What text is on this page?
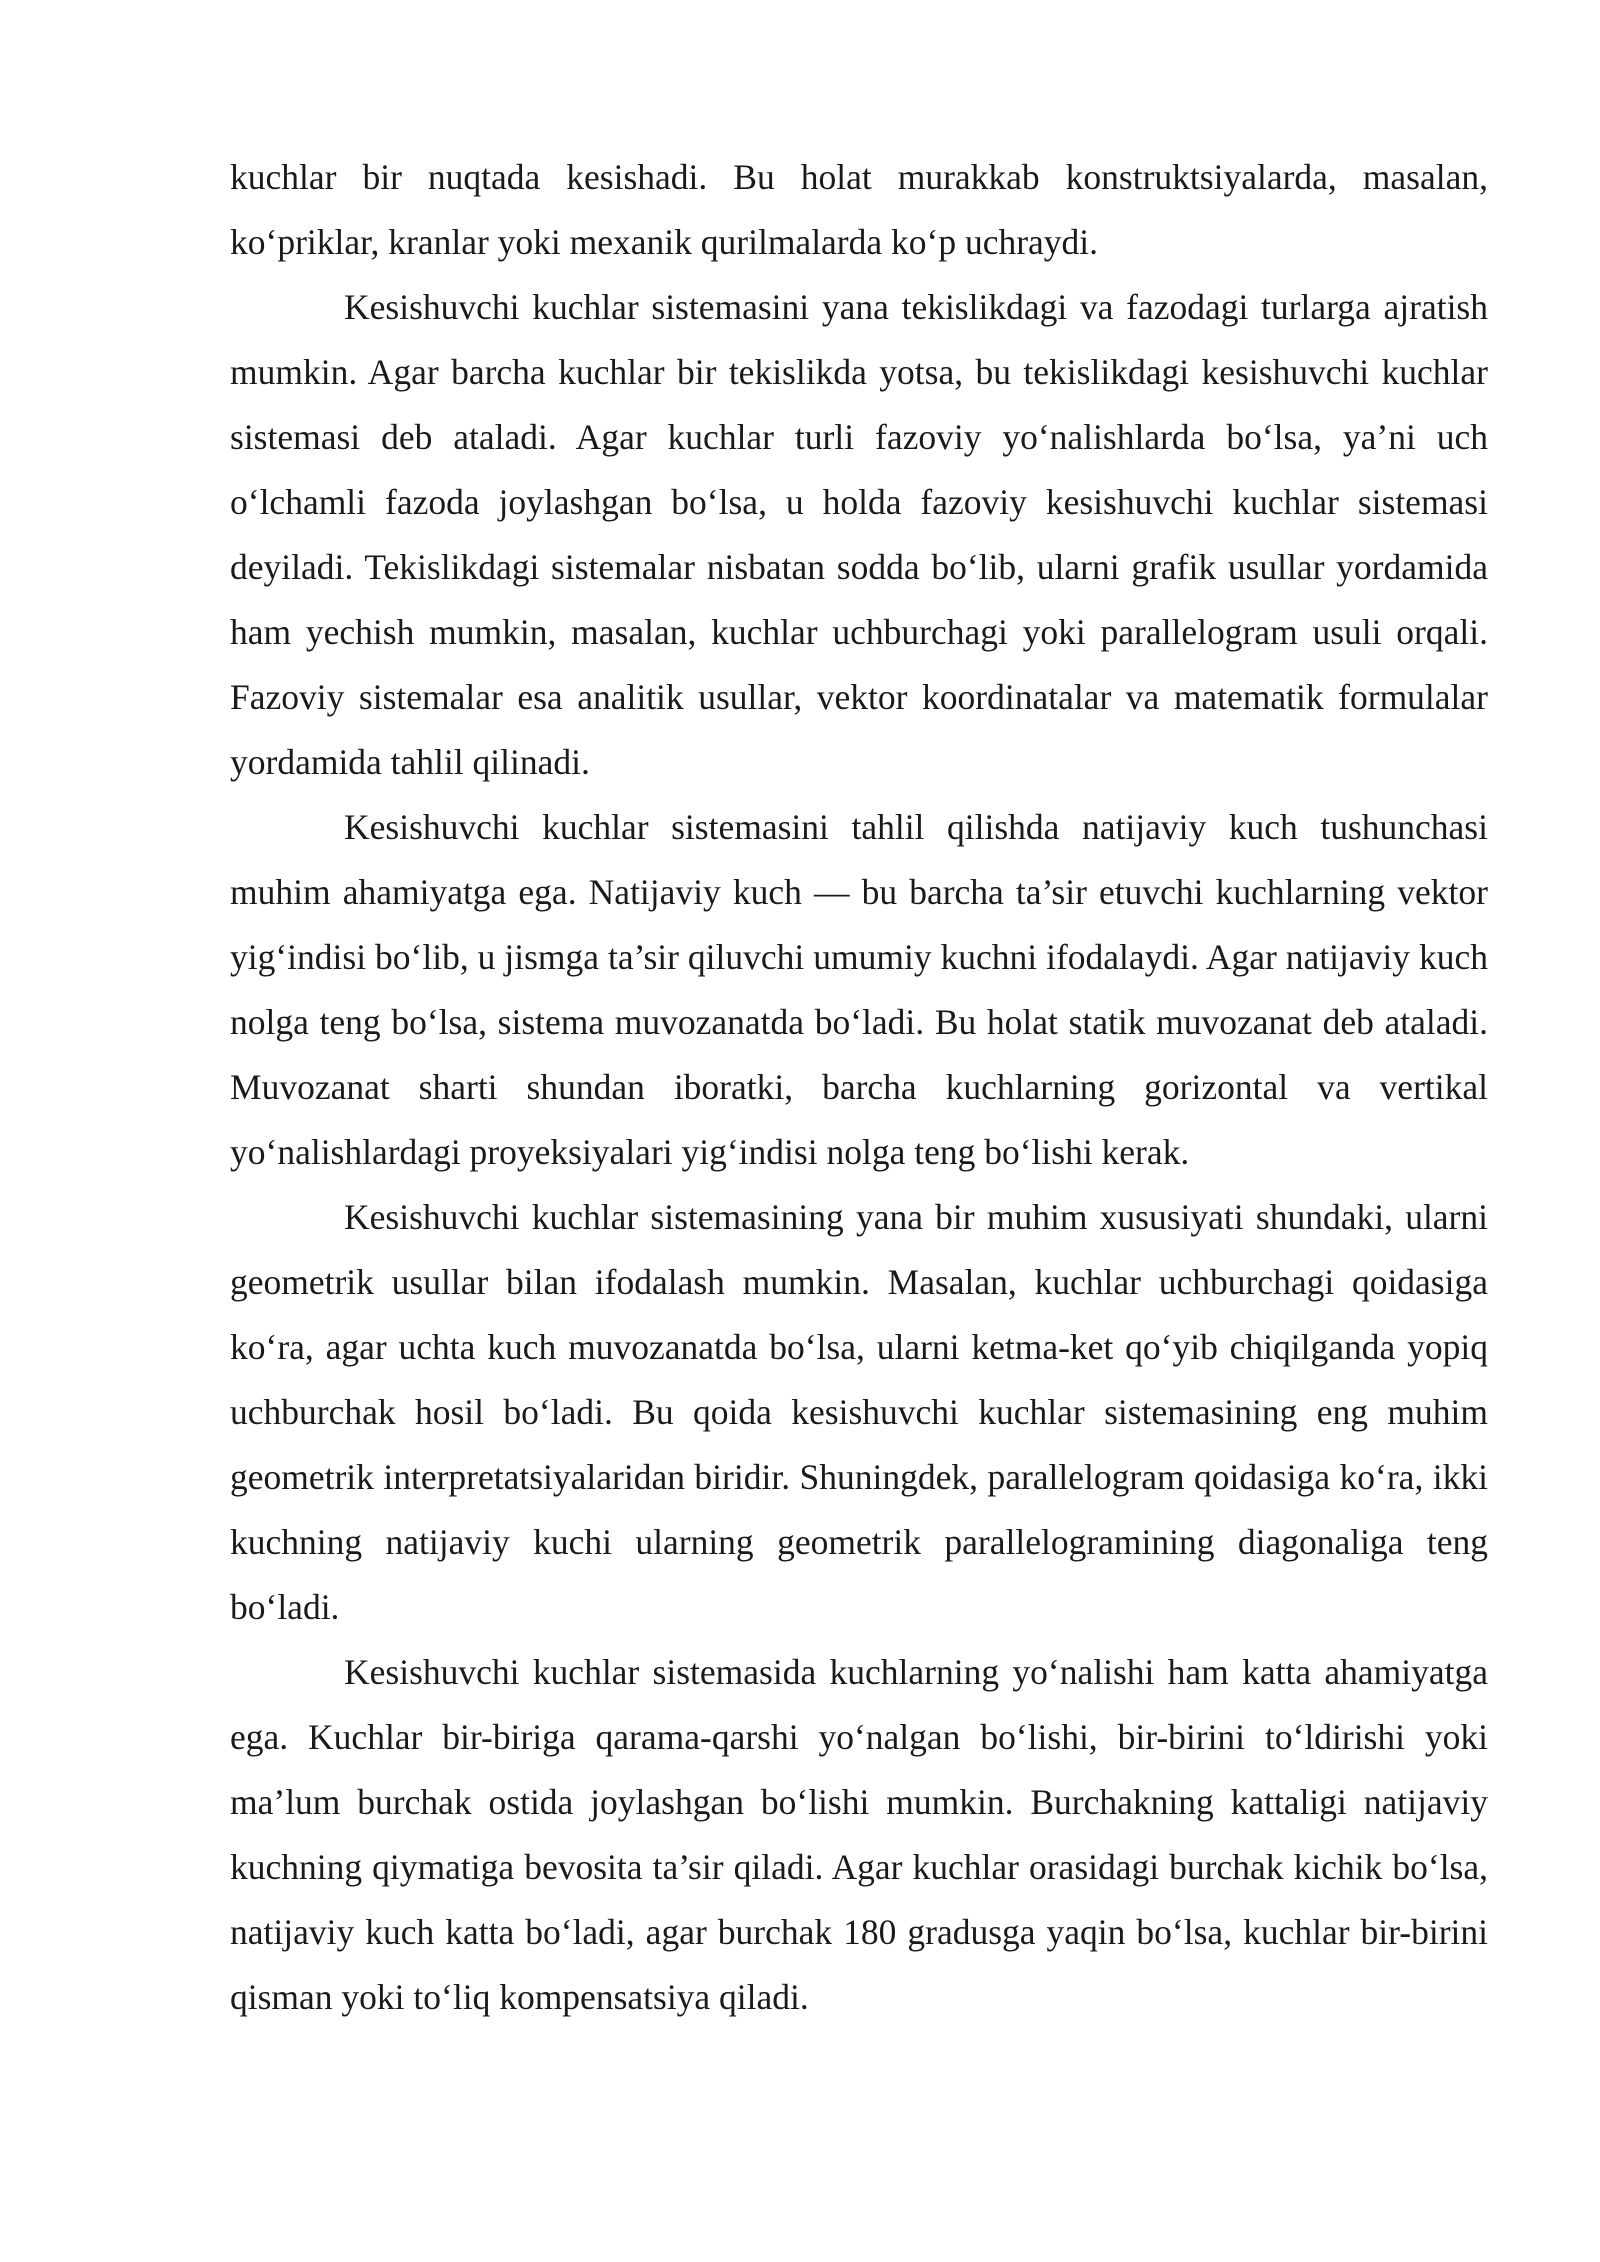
kuchlar bir nuqtada kesishadi. Bu holat murakkab konstruktsiyalarda, masalan, ko‘priklar, kranlar yoki mexanik qurilmalarda ko‘p uchraydi.

Kesishuvchi kuchlar sistemasini yana tekislikdagi va fazodagi turlarga ajratish mumkin. Agar barcha kuchlar bir tekislikda yotsa, bu tekislikdagi kesishuvchi kuchlar sistemasi deb ataladi. Agar kuchlar turli fazoviy yo‘nalishlarda bo‘lsa, ya’ni uch o‘lchamli fazoda joylashgan bo‘lsa, u holda fazoviy kesishuvchi kuchlar sistemasi deyiladi. Tekislikdagi sistemalar nisbatan sodda bo‘lib, ularni grafik usullar yordamida ham yechish mumkin, masalan, kuchlar uchburchagi yoki parallelogram usuli orqali. Fazoviy sistemalar esa analitik usullar, vektor koordinatalar va matematik formulalar yordamida tahlil qilinadi.

Kesishuvchi kuchlar sistemasini tahlil qilishda natijaviy kuch tushunchasi muhim ahamiyatga ega. Natijaviy kuch — bu barcha ta’sir etuvchi kuchlarning vektor yig‘indisi bo‘lib, u jismga ta’sir qiluvchi umumiy kuchni ifodalaydi. Agar natijaviy kuch nolga teng bo‘lsa, sistema muvozanatda bo‘ladi. Bu holat statik muvozanat deb ataladi. Muvozanat sharti shundan iboratki, barcha kuchlarning gorizontal va vertikal yo‘nalishlardagi proyeksiyalari yig‘indisi nolga teng bo‘lishi kerak.

Kesishuvchi kuchlar sistemasining yana bir muhim xususiyati shundaki, ularni geometrik usullar bilan ifodalash mumkin. Masalan, kuchlar uchburchagi qoidasiga ko‘ra, agar uchta kuch muvozanatda bo‘lsa, ularni ketma-ket qo‘yib chiqilganda yopiq uchburchak hosil bo‘ladi. Bu qoida kesishuvchi kuchlar sistemasining eng muhim geometrik interpretatsiyalaridan biridir. Shuningdek, parallelogram qoidasiga ko‘ra, ikki kuchning natijaviy kuchi ularning geometrik parallelogramining diagonaliga teng bo‘ladi.

Kesishuvchi kuchlar sistemasida kuchlarning yo‘nalishi ham katta ahamiyatga ega. Kuchlar bir-biriga qarama-qarshi yo‘nalgan bo‘lishi, bir-birini to‘ldirishi yoki ma’lum burchak ostida joylashgan bo‘lishi mumkin. Burchakning kattaligi natijaviy kuchning qiymatiga bevosita ta’sir qiladi. Agar kuchlar orasidagi burchak kichik bo‘lsa, natijaviy kuch katta bo‘ladi, agar burchak 180 gradusga yaqin bo‘lsa, kuchlar bir-birini qisman yoki to‘liq kompensatsiya qiladi.
